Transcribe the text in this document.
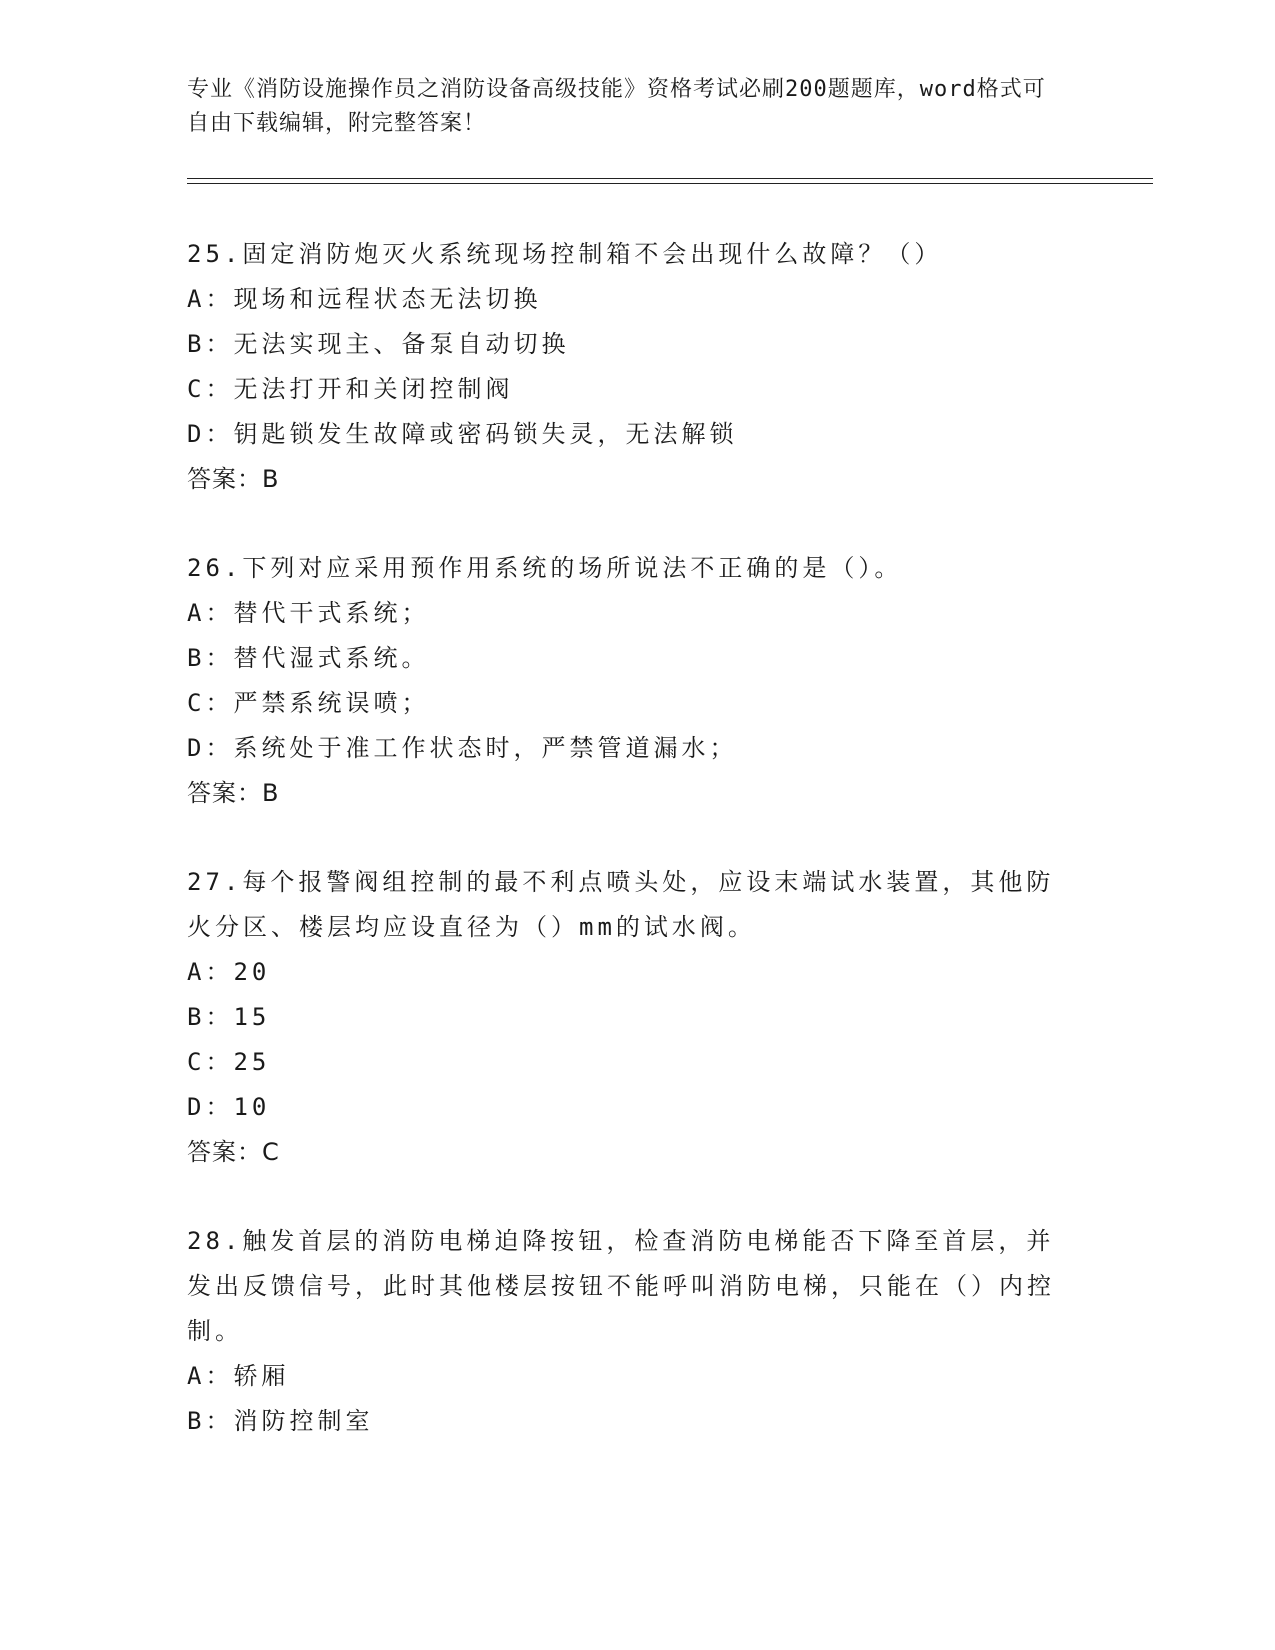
专业《消防设施操作员之消防设备高级技能》资格考试必刷200题题库，word格式可自由下载编辑，附完整答案！

25.固定消防炮灭火系统现场控制箱不会出现什么故障？（）

A：现场和远程状态无法切换

B：无法实现主、备泵自动切换

C：无法打开和关闭控制阀

D：钥匙锁发生故障或密码锁失灵，无法解锁

答案：B

26.下列对应采用预作用系统的场所说法不正确的是（）。

A：替代干式系统；

B：替代湿式系统。

C：严禁系统误喷；

D：系统处于准工作状态时，严禁管道漏水；

答案：B

27.每个报警阀组控制的最不利点喷头处，应设末端试水装置，其他防火分区、楼层均应设直径为（）mm的试水阀。

A：20

B：15

C：25

D：10

答案：C

28.触发首层的消防电梯迫降按钮，检查消防电梯能否下降至首层，并发出反馈信号，此时其他楼层按钮不能呼叫消防电梯，只能在（）内控制。

A：轿厢

B：消防控制室
